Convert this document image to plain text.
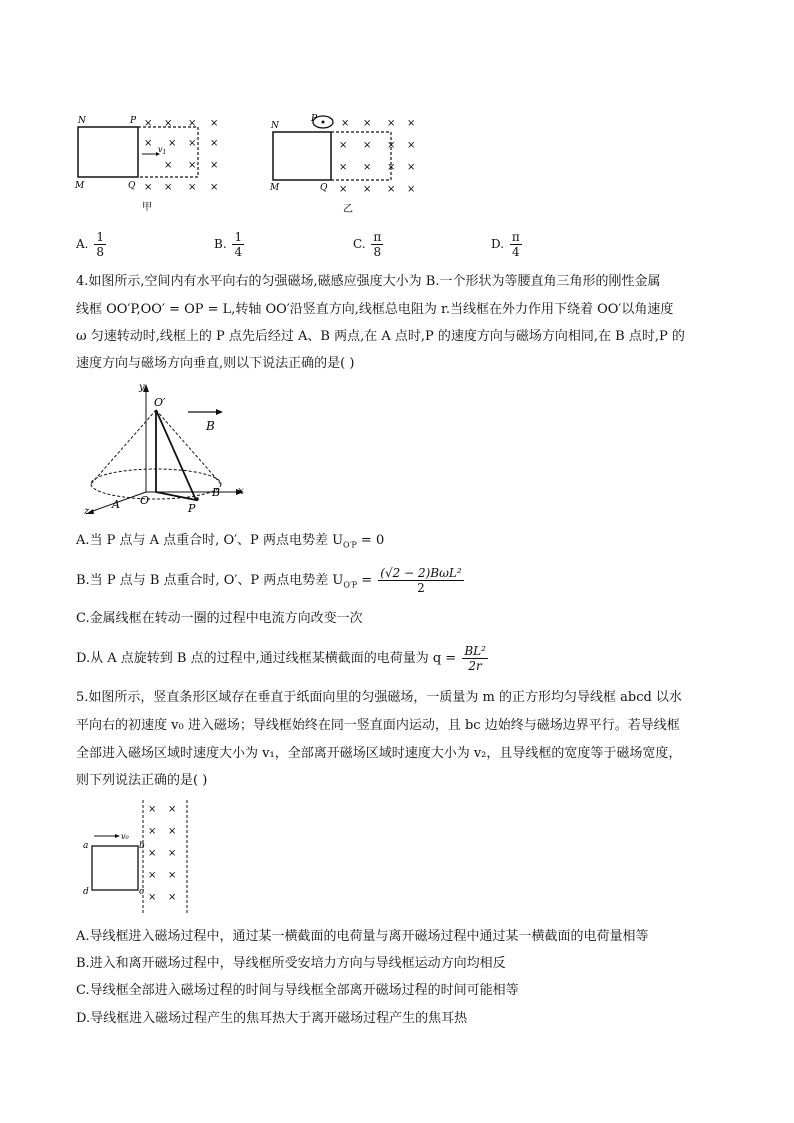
N	P
M	Q
$v_1$
× × × ×
× × × ×
× × ×
× × × ×
甲
N
P
M	Q
× × × ×
× × × ×
× × × ×
× × × ×
乙
A. $\frac{1}{8}$	B. $\frac{1}{4}$	C. $\frac{\pi}{8}$	D. $\frac{\pi}{4}$
4.如图所示,空间内有水平向右的匀强磁场,磁感应强度大小为 B.一个形状为等腰直角三角形的刚性金属
线框 OO′P,OO′ = OP = L,转轴 OO′沿竖直方向,线框总电阻为 r.当线框在外力作用下绕着 OO′以角速度
ω 匀速转动时,线框上的 P 点先后经过 A、B 两点,在 A 点时,P 的速度方向与磁场方向相同,在 B 点时,P 的
速度方向与磁场方向垂直,则以下说法正确的是( )
y
x
z
O′
A O
P
B
B
A.当 P 点与 A 点重合时, O′、P 两点电势差 $U_{O'P} = 0$
B.当 P 点与 B 点重合时, O′、P 两点电势差 $U_{O'P} = \frac{\text{(√2 − 2)BωL²}}{2}$
C.金属线框在转动一圈的过程中电流方向改变一次
D.从 A 点旋转到 B 点的过程中,通过线框某横截面的电荷量为 $q = \frac{\text{BL²}}{2r}$
5.如图所示，竖直条形区域存在垂直于纸面向里的匀强磁场，一质量为 m 的正方形均匀导线框 abcd 以水
平向右的初速度 v₀ 进入磁场；导线框始终在同一竖直面内运动，且 bc 边始终与磁场边界平行。若导线框
全部进入磁场区域时速度大小为 v₁，全部离开磁场区域时速度大小为 v₂，且导线框的宽度等于磁场宽度，
则下列说法正确的是( )
a	b
c
d
v₀
× ×
× ×
× ×
× ×
× ×
A.导线框进入磁场过程中，通过某一横截面的电荷量与离开磁场过程中通过某一横截面的电荷量相等
B.进入和离开磁场过程中，导线框所受安培力方向与导线框运动方向均相反
C.导线框全部进入磁场过程的时间与导线框全部离开磁场过程的时间可能相等
D.导线框进入磁场过程产生的焦耳热大于离开磁场过程产生的焦耳热
